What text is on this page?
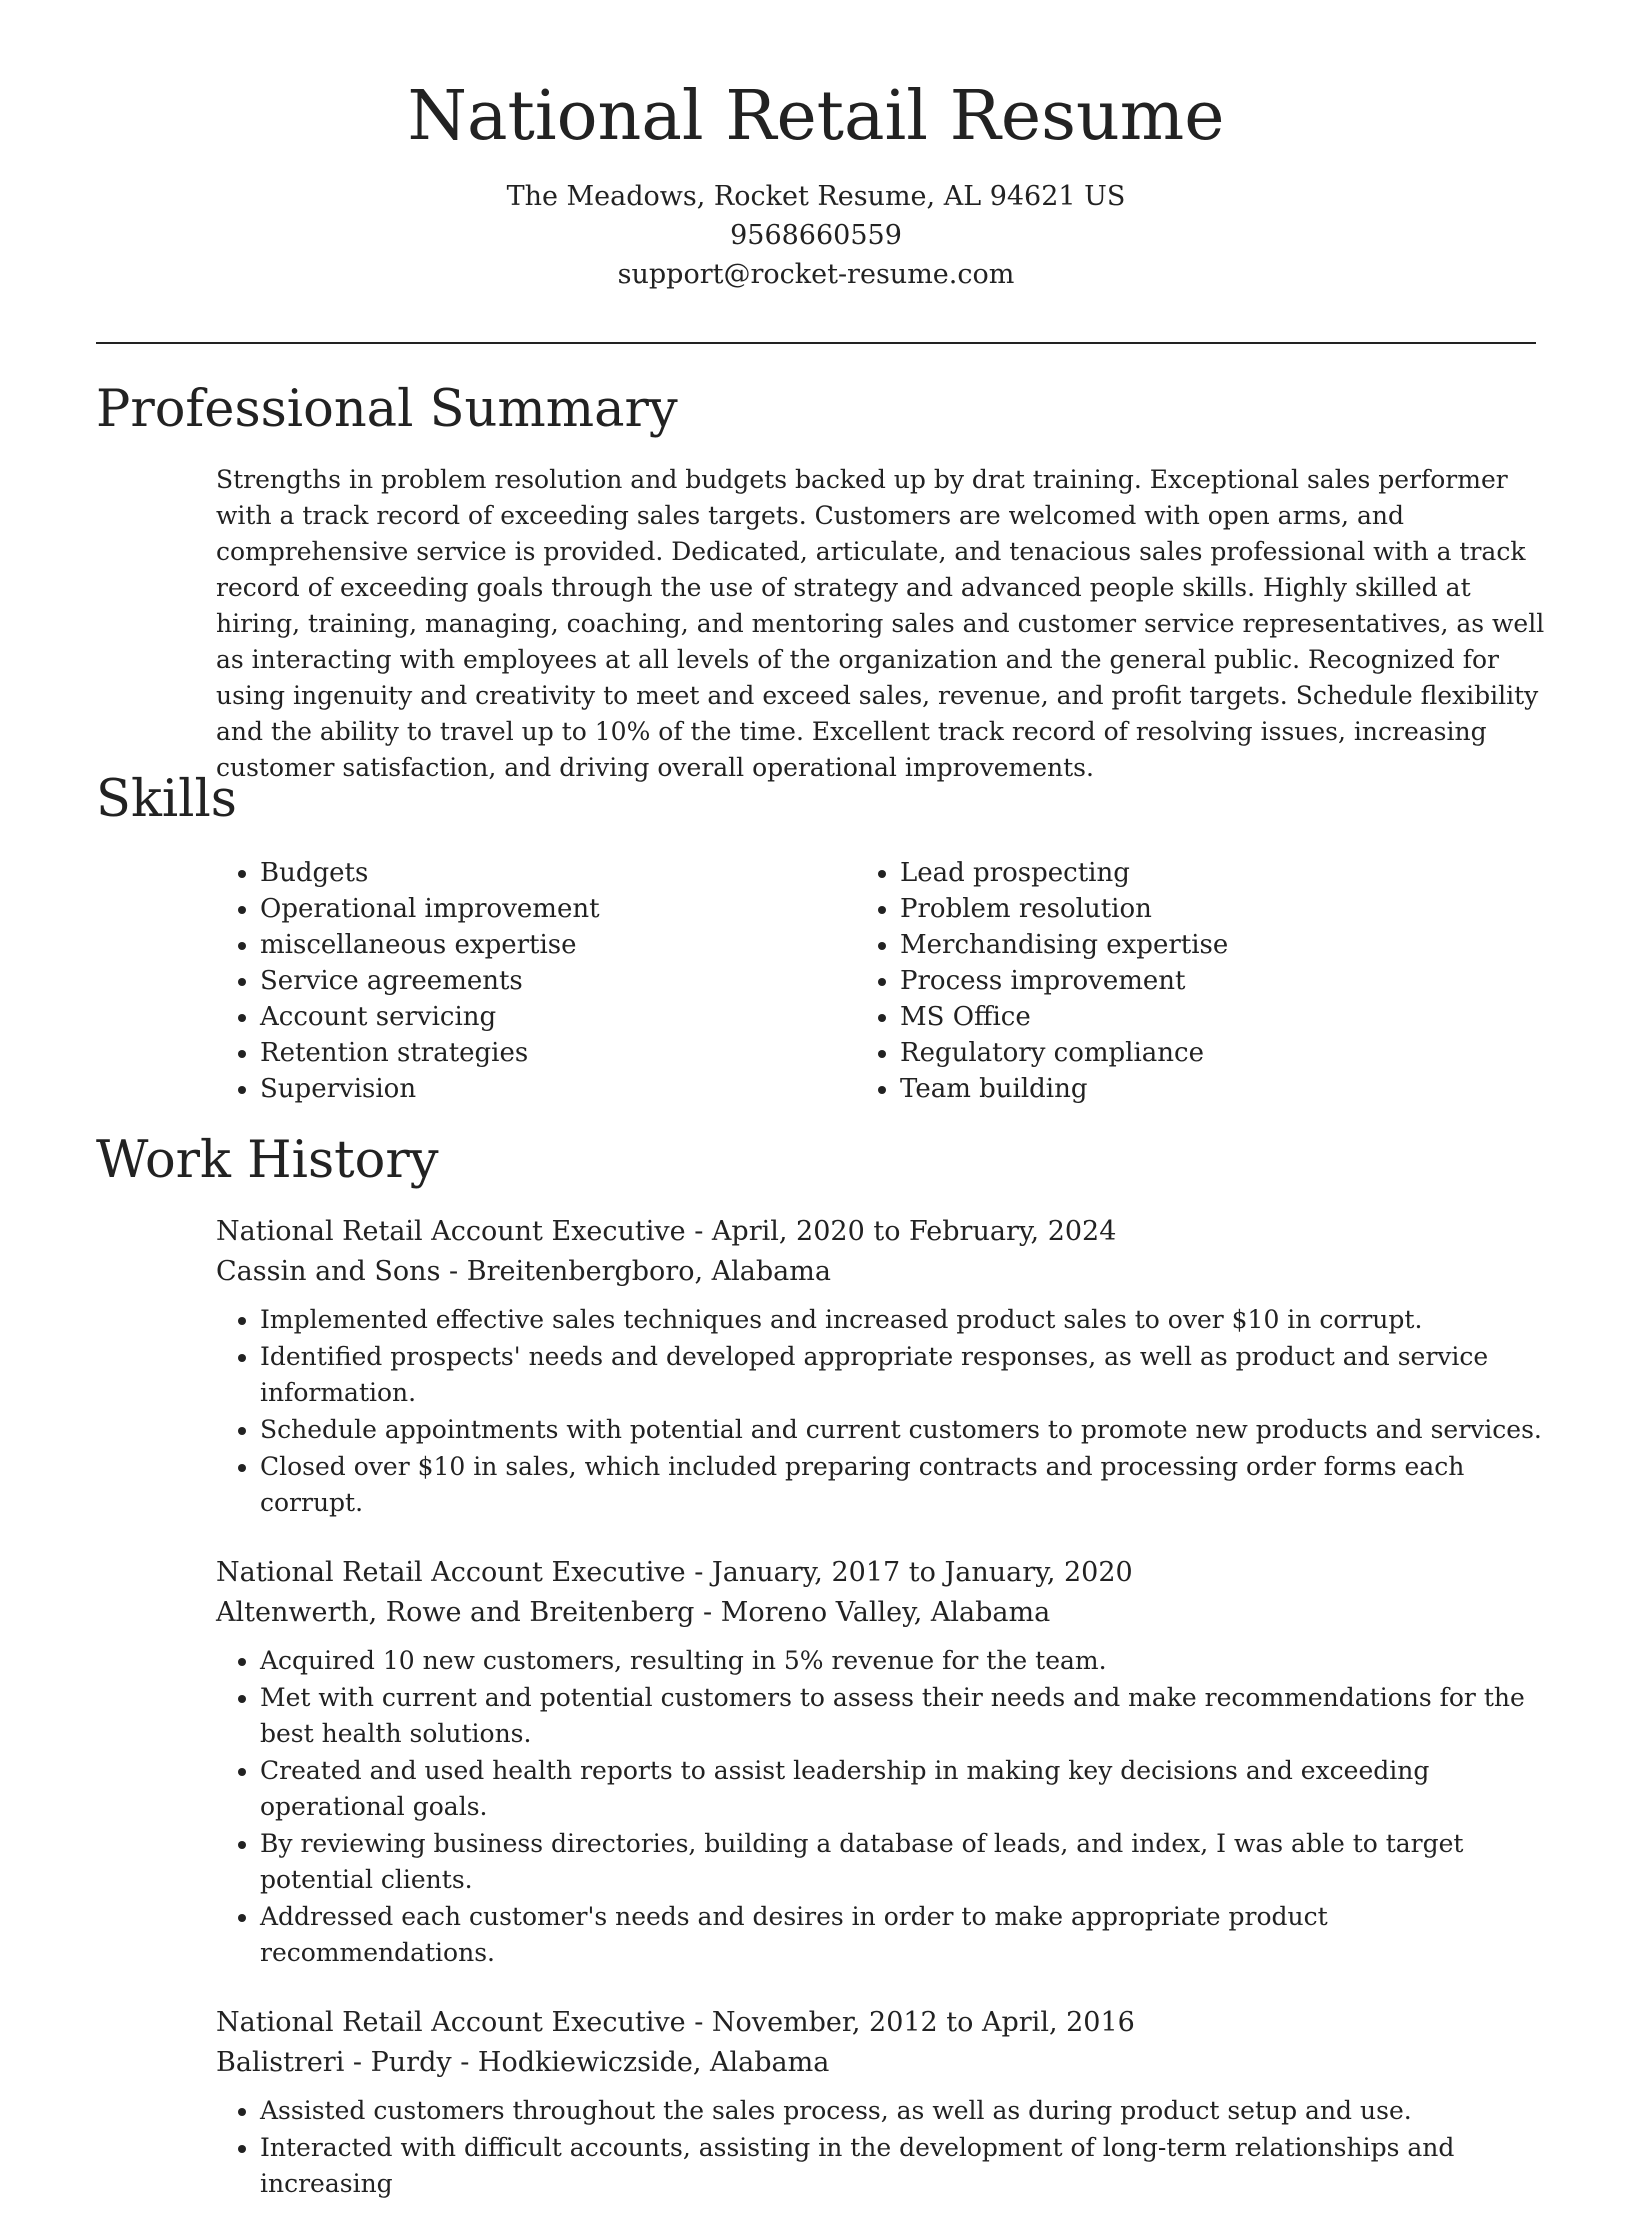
National Retail Resume
The Meadows, Rocket Resume, AL 94621 US
9568660559
support@rocket-resume.com
Professional Summary

Strengths in problem resolution and budgets backed up by drat training. Exceptional sales performer with a track record of exceeding sales targets. Customers are welcomed with open arms, and comprehensive service is provided. Dedicated, articulate, and tenacious sales professional with a track record of exceeding goals through the use of strategy and advanced people skills. Highly skilled at hiring, training, managing, coaching, and mentoring sales and customer service representatives, as well as interacting with employees at all levels of the organization and the general public. Recognized for using ingenuity and creativity to meet and exceed sales, revenue, and profit targets. Schedule flexibility and the ability to travel up to 10% of the time. Excellent track record of resolving issues, increasing customer satisfaction, and driving overall operational improvements.

Skills
• Budgets
• Operational improvement
• miscellaneous expertise
• Service agreements
• Account servicing
• Retention strategies
• Supervision
• Lead prospecting
• Problem resolution
• Merchandising expertise
• Process improvement
• MS Office
• Regulatory compliance
• Team building
Work History

National Retail Account Executive - April, 2020 to February, 2024

Cassin and Sons - Breitenbergboro, Alabama

• Implemented effective sales techniques and increased product sales to over $10 in corrupt.
• Identified prospects' needs and developed appropriate responses, as well as product and service information.
• Schedule appointments with potential and current customers to promote new products and services.
• Closed over $10 in sales, which included preparing contracts and processing order forms each corrupt.

National Retail Account Executive - January, 2017 to January, 2020

Altenwerth, Rowe and Breitenberg - Moreno Valley, Alabama

• Acquired 10 new customers, resulting in 5% revenue for the team.
• Met with current and potential customers to assess their needs and make recommendations for the best health solutions.
• Created and used health reports to assist leadership in making key decisions and exceeding operational goals.
• By reviewing business directories, building a database of leads, and index, I was able to target potential clients.
• Addressed each customer's needs and desires in order to make appropriate product recommendations.

National Retail Account Executive - November, 2012 to April, 2016

Balistreri - Purdy - Hodkiewiczside, Alabama

• Assisted customers throughout the sales process, as well as during product setup and use.
• Interacted with difficult accounts, assisting in the development of long-term relationships and increasing
